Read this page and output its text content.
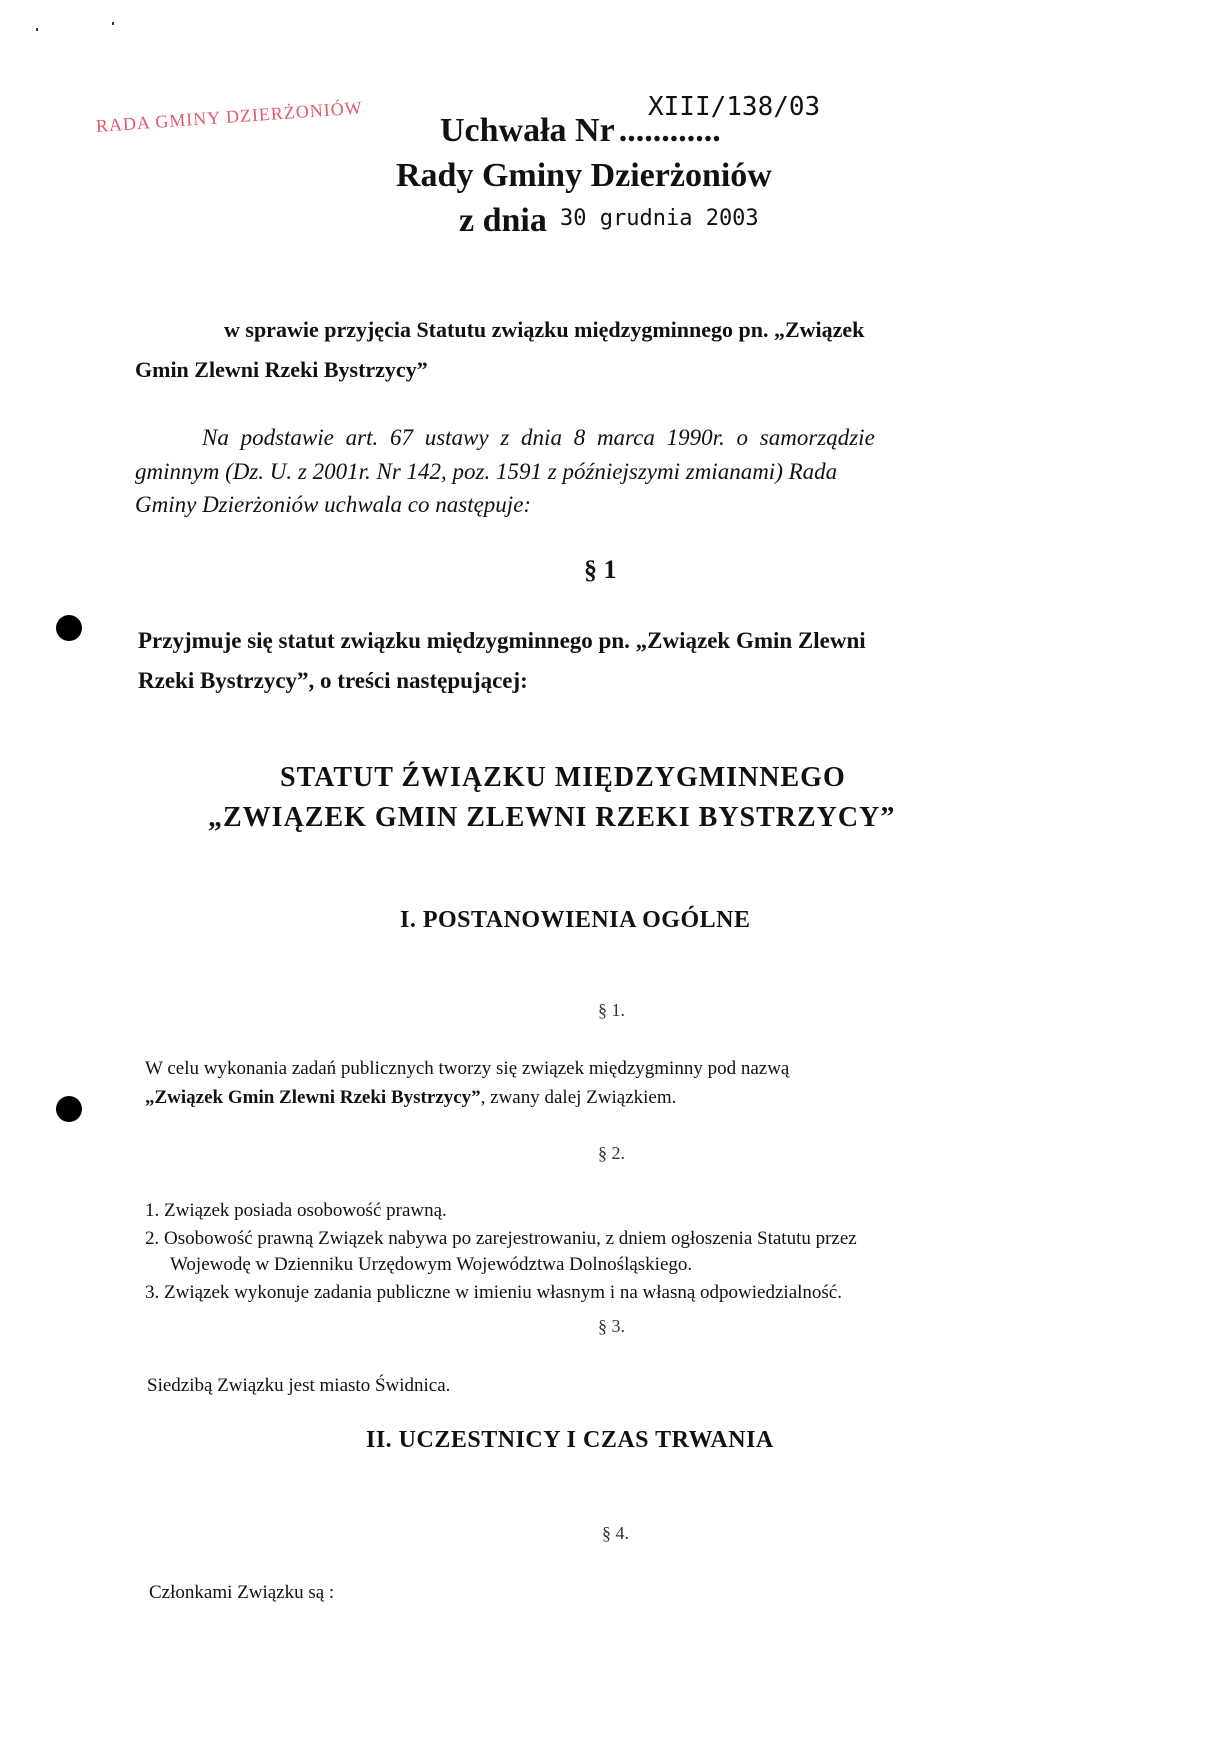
RADA GMINY DZIERŻONIÓW Uchwała Nr ............
XIII/138/03
Rady Gminy Dzierżoniów
z dnia 30 grudnia 2003
w sprawie przyjęcia Statutu związku międzygminnego pn. „Związek
Gmin Zlewni Rzeki Bystrzycy”
Na podstawie art. 67 ustawy z dnia 8 marca 1990r. o samorządzie
gminnym (Dz. U. z 2001r. Nr 142, poz. 1591 z późniejszymi zmianami) Rada
Gminy Dzierżoniów uchwala co następuje:
§ 1
Przyjmuje się statut związku międzygminnego pn. „Związek Gmin Zlewni
Rzeki Bystrzycy”, o treści następującej:
STATUT ŹWIĄZKU MIĘDZYGMINNEGO
„ZWIĄZEK GMIN ZLEWNI RZEKI BYSTRZYCY”
I. POSTANOWIENIA OGÓLNE
§ 1.
W celu wykonania zadań publicznych tworzy się związek międzygminny pod nazwą
„Związek Gmin Zlewni Rzeki Bystrzycy”, zwany dalej Związkiem.
§ 2.
1. Związek posiada osobowość prawną.
2. Osobowość prawną Związek nabywa po zarejestrowaniu, z dniem ogłoszenia Statutu przez
Wojewodę w Dzienniku Urzędowym Województwa Dolnośląskiego.
3. Związek wykonuje zadania publiczne w imieniu własnym i na własną odpowiedzialność.
§ 3.
Siedzibą Związku jest miasto Świdnica.
II. UCZESTNICY I CZAS TRWANIA
§ 4.
Członkami Związku są :
